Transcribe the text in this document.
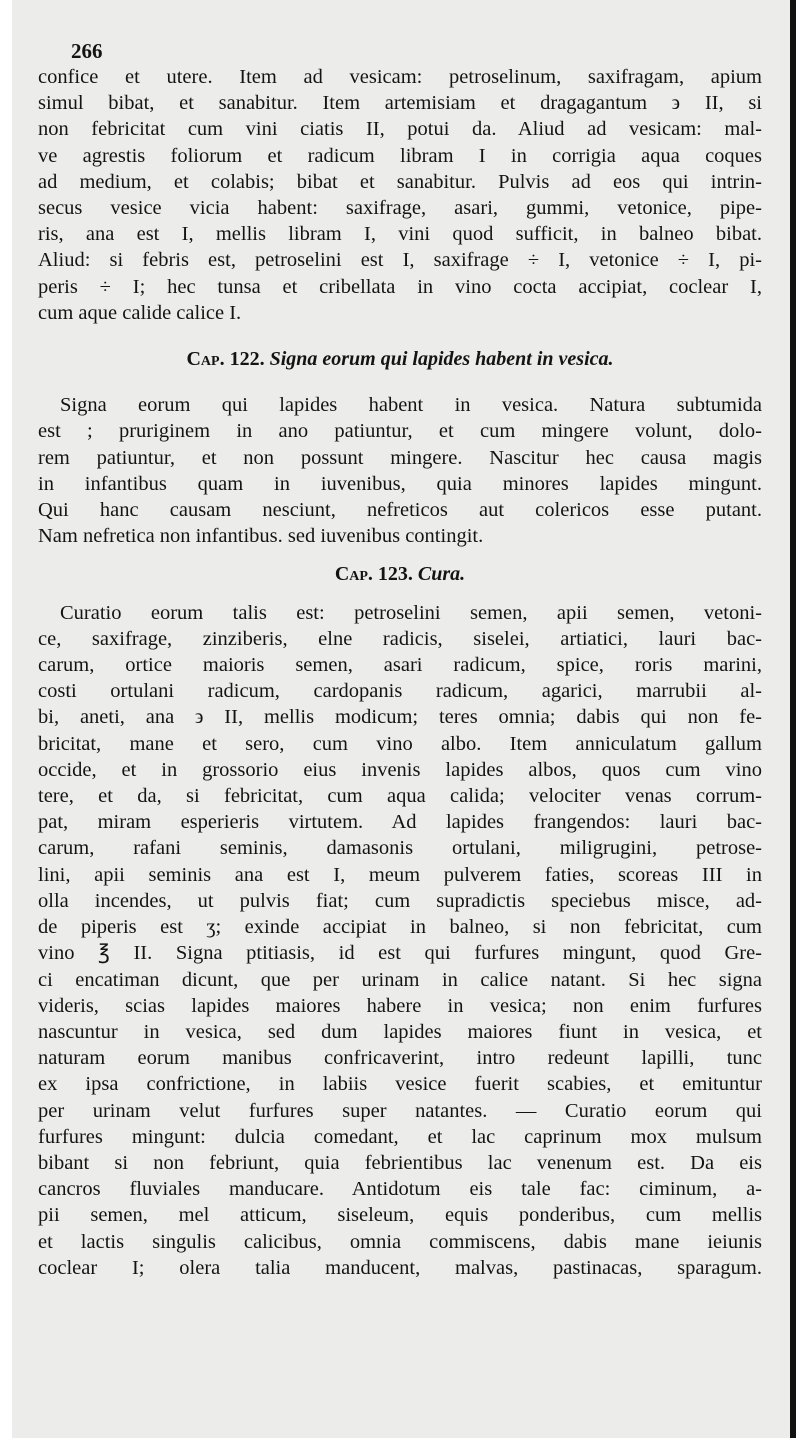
266
confice et utere. Item ad vesicam: petroselinum, saxifragam, apium
simul bibat, et sanabitur. Item artemisiam et dragagantum ϶ II, si
non febricitat cum vini ciatis II, potui da. Aliud ad vesicam: mal-
ve agrestis foliorum et radicum libram I in corrigia aqua coques
ad medium, et colabis; bibat et sanabitur. Pulvis ad eos qui intrin-
secus vesice vicia habent: saxifrage, asari, gummi, vetonice, pipe-
ris, ana est I, mellis libram I, vini quod sufficit, in balneo bibat.
Aliud: si febris est, petroselini est I, saxifrage ÷ I, vetonice ÷ I, pi-
peris ÷ I; hec tunsa et cribellata in vino cocta accipiat, coclear I,
cum aque calide calice I.
Cap. 122. Signa eorum qui lapides habent in vesica.
Signa eorum qui lapides habent in vesica. Natura subtumida
est ; pruriginem in ano patiuntur, et cum mingere volunt, dolo-
rem patiuntur, et non possunt mingere. Nascitur hec causa magis
in infantibus quam in iuvenibus, quia minores lapides mingunt.
Qui hanc causam nesciunt, nefreticos aut colericos esse putant.
Nam nefretica non infantibus. sed iuvenibus contingit.
Cap. 123. Cura.
Curatio eorum talis est: petroselini semen, apii semen, vetoni-
ce, saxifrage, zinziberis, elne radicis, siselei, artiatici, lauri bac-
carum, ortice maioris semen, asari radicum, spice, roris marini,
costi ortulani radicum, cardopanis radicum, agarici, marrubii al-
bi, aneti, ana ϶ II, mellis modicum; teres omnia; dabis qui non fe-
bricitat, mane et sero, cum vino albo. Item anniculatum gallum
occide, et in grossorio eius invenis lapides albos, quos cum vino
tere, et da, si febricitat, cum aqua calida; velociter venas corrum-
pat, miram esperieris virtutem. Ad lapides frangendos: lauri bac-
carum, rafani seminis, damasonis ortulani, miligrugini, petrose-
lini, apii seminis ana est I, meum pulverem faties, scoreas III in
olla incendes, ut pulvis fiat; cum supradictis speciebus misce, ad-
de piperis est ʒ; exinde accipiat in balneo, si non febricitat, cum
vino ℥ II. Signa ptitiasis, id est qui furfures mingunt, quod Gre-
ci encatiman dicunt, que per urinam in calice natant. Si hec signa
videris, scias lapides maiores habere in vesica; non enim furfures
nascuntur in vesica, sed dum lapides maiores fiunt in vesica, et
naturam eorum manibus confricaverint, intro redeunt lapilli, tunc
ex ipsa confrictione, in labiis vesice fuerit scabies, et emituntur
per urinam velut furfures super natantes. — Curatio eorum qui
furfures mingunt: dulcia comedant, et lac caprinum mox mulsum
bibant si non febriunt, quia febrientibus lac venenum est. Da eis
cancros fluviales manducare. Antidotum eis tale fac: ciminum, a-
pii semen, mel atticum, siseleum, equis ponderibus, cum mellis
et lactis singulis calicibus, omnia commiscens, dabis mane ieiunis
coclear I; olera talia manducent, malvas, pastinacas, sparagum.
